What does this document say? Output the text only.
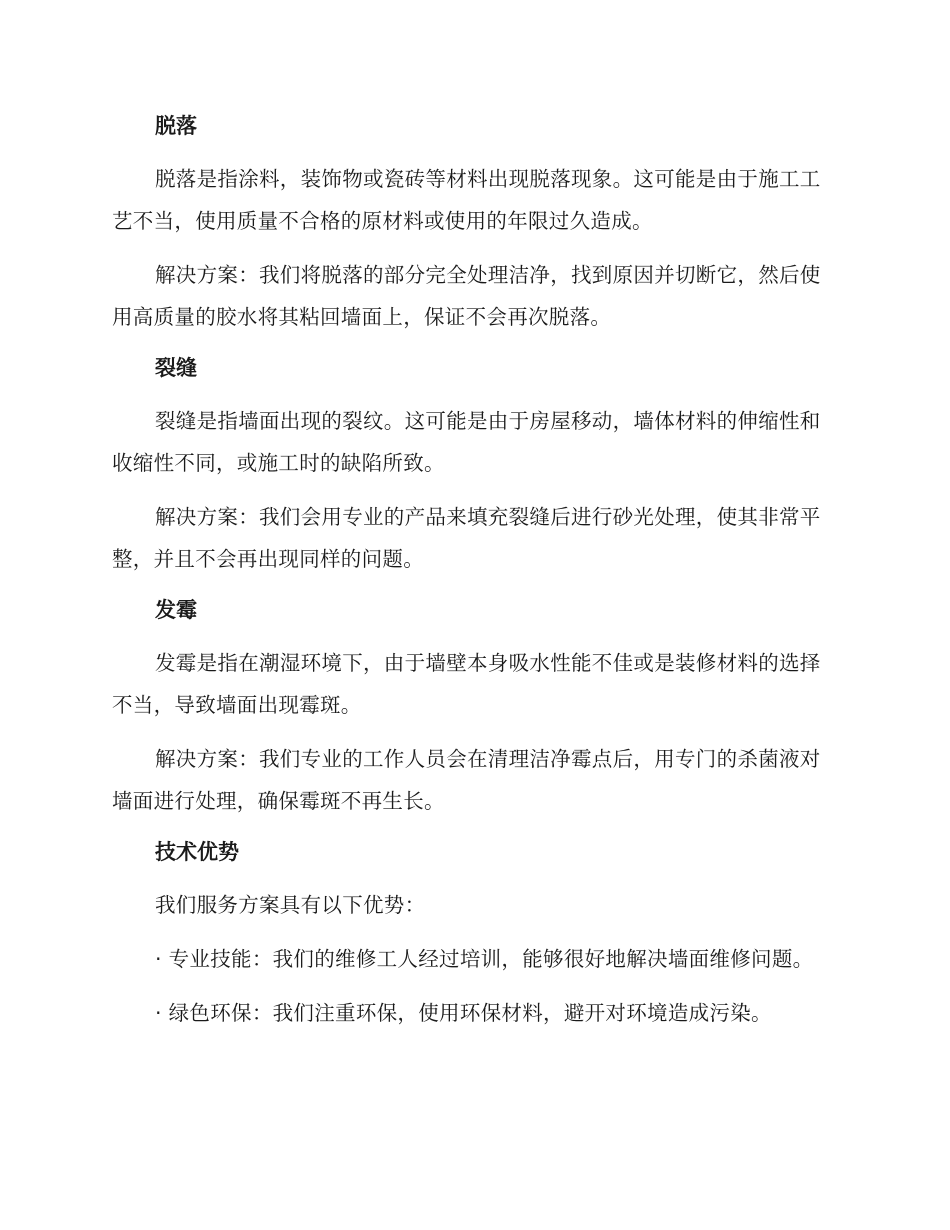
脱落

脱落是指涂料，装饰物或瓷砖等材料出现脱落现象。这可能是由于施工工艺不当，使用质量不合格的原材料或使用的年限过久造成。

解决方案：我们将脱落的部分完全处理洁净，找到原因并切断它，然后使用高质量的胶水将其粘回墙面上，保证不会再次脱落。

裂缝

裂缝是指墙面出现的裂纹。这可能是由于房屋移动，墙体材料的伸缩性和收缩性不同，或施工时的缺陷所致。

解决方案：我们会用专业的产品来填充裂缝后进行砂光处理，使其非常平整，并且不会再出现同样的问题。

发霉

发霉是指在潮湿环境下，由于墙壁本身吸水性能不佳或是装修材料的选择不当，导致墙面出现霉斑。

解决方案：我们专业的工作人员会在清理洁净霉点后，用专门的杀菌液对墙面进行处理，确保霉斑不再生长。

技术优势

我们服务方案具有以下优势：

· 专业技能：我们的维修工人经过培训，能够很好地解决墙面维修问题。

· 绿色环保：我们注重环保，使用环保材料，避开对环境造成污染。
